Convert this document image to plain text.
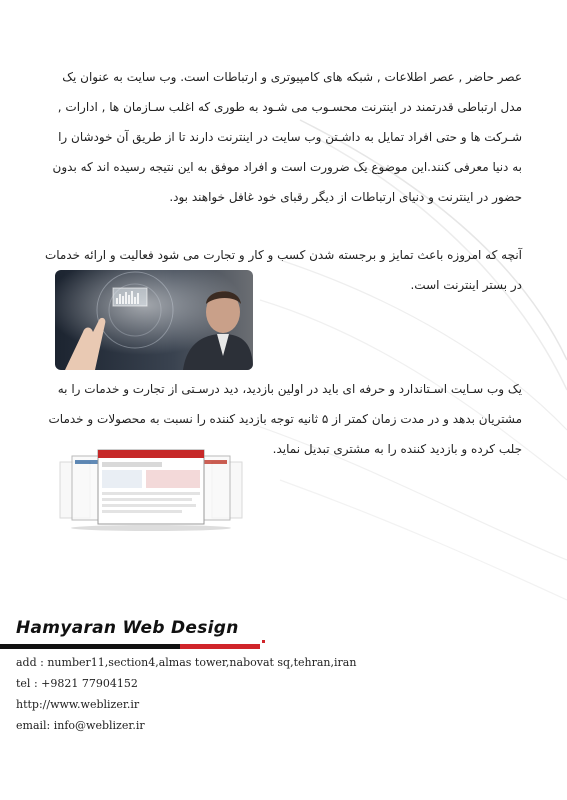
عصر حاضر , عصر اطلاعات , شبکه های کامپیوتری و ارتباطات است. وب سایت به عنوان یک
مدل ارتباطی قدرتمند در اینترنت محسـوب می شـود به طوری که اغلب سـازمان ها , ادارات ,
شـرکت ها و حتی افراد تمایل به داشـتن وب سایت در اینترنت دارند تا از طریق آن خودشان را
به دنیا معرفی کنند.این موضوع یک ضرورت است و افراد موفق به این نتیجه رسیده اند که بدون
حضور در اینترنت و دنیای ارتباطات از دیگر رقبای خود غافل خواهند بود.
آنچه که امروزه باعث تمایز و برجسته شدن کسب و کار و تجارت می شود فعالیت و ارائه خدمات
در بستر اینترنت است.
یک وب سـایت اسـتاندارد و حرفه ای باید در اولین بازدید، دید درسـتی از تجارت و خدمات را به
مشتریان بدهد و در مدت زمان کمتر از ۵ ثانیه توجه بازدید کننده را نسبت به محصولات و خدمات
جلب کرده و بازدید کننده را به مشتری تبدیل نماید.
Hamyaran Web Design
add : number11,section4,almas tower,nabovat sq,tehran,iran
tel : +9821 77904152
http://www.weblizer.ir
email: info@weblizer.ir
